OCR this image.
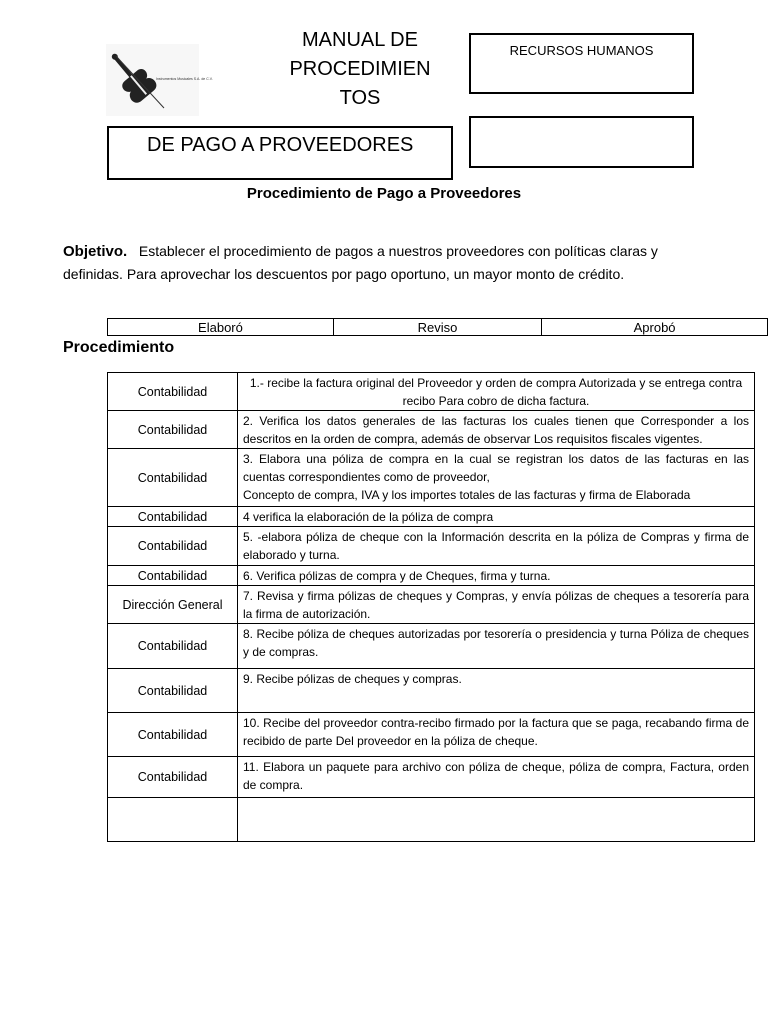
Instrumentos Musicales S.A. de C.V.
MANUAL DE
PROCEDIMIEN
TOS
RECURSOS HUMANOS
DE PAGO A PROVEEDORES
Procedimiento de Pago a Proveedores
Objetivo. Establecer el procedimiento de pagos a nuestros proveedores con políticas claras y definidas. Para aprovechar los descuentos por pago oportuno, un mayor monto de crédito.
Elaboró	Reviso	Aprobó
Procedimiento
Contabilidad	1.- recibe la factura original del Proveedor y orden de compra Autorizada y se entrega contra recibo Para cobro de dicha factura.
Contabilidad	2. Verifica los datos generales de las facturas los cuales tienen que Corresponder a los descritos en la orden de compra, además de observar Los requisitos fiscales vigentes.
Contabilidad	3. Elabora una póliza de compra en la cual se registran los datos de las facturas en las cuentas correspondientes como de proveedor,
Concepto de compra, IVA y los importes totales de las facturas y firma de Elaborada
Contabilidad	4 verifica la elaboración de la póliza de compra
Contabilidad	5. -elabora póliza de cheque con la Información descrita en la póliza de Compras y firma de elaborado y turna.
Contabilidad	6. Verifica pólizas de compra y de Cheques, firma y turna.
Dirección General	7. Revisa y firma pólizas de cheques y Compras, y envía pólizas de cheques a tesorería para la firma de autorización.
Contabilidad	8. Recibe póliza de cheques autorizadas por tesorería o presidencia y turna Póliza de cheques y de compras.
Contabilidad	9. Recibe pólizas de cheques y compras.
Contabilidad	10. Recibe del proveedor contra-recibo firmado por la factura que se paga, recabando firma de recibido de parte Del proveedor en la póliza de cheque.
Contabilidad	11. Elabora un paquete para archivo con póliza de cheque, póliza de compra, Factura, orden de compra.
